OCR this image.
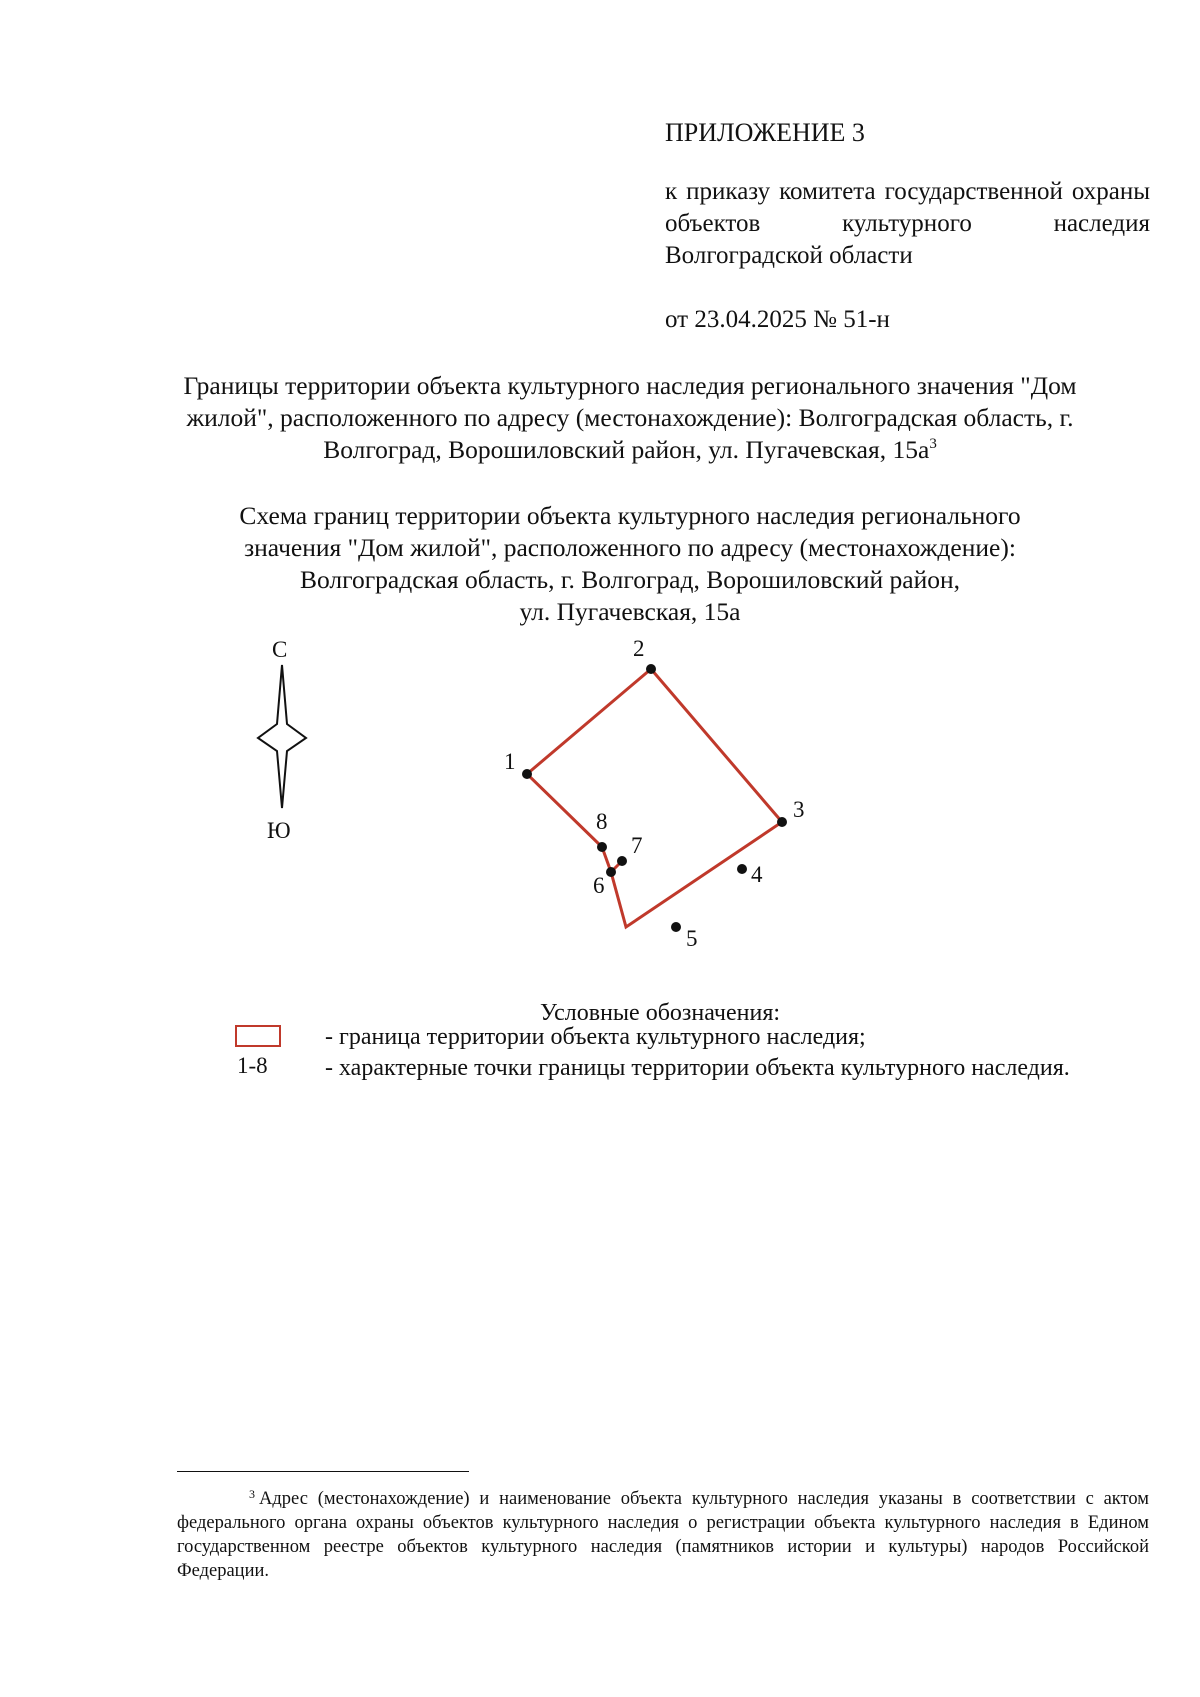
ПРИЛОЖЕНИЕ 3
к приказу комитета государственной охраны объектов культурного наследия Волгоградской области
от 23.04.2025 № 51-н
Границы территории объекта культурного наследия регионального значения "Дом жилой", расположенного по адресу (местонахождение): Волгоградская область, г. Волгоград, Ворошиловский район, ул. Пугачевская, $15а^3$
Схема границ территории объекта культурного наследия регионального
значения "Дом жилой", расположенного по адресу (местонахождение):
Волгоградская область, г. Волгоград, Ворошиловский район,
ул. Пугачевская, 15а
С
Ю
1
2
3
4
5
6
7
8
Условные обозначения:
- граница территории объекта культурного наследия;
1-8 - характерные точки границы территории объекта культурного наследия.
$^3$ Адрес (местонахождение) и наименование объекта культурного наследия указаны в соответствии с актом федерального органа охраны объектов культурного наследия о регистрации объекта культурного наследия в Едином государственном реестре объектов культурного наследия (памятников истории и культуры) народов Российской Федерации.
